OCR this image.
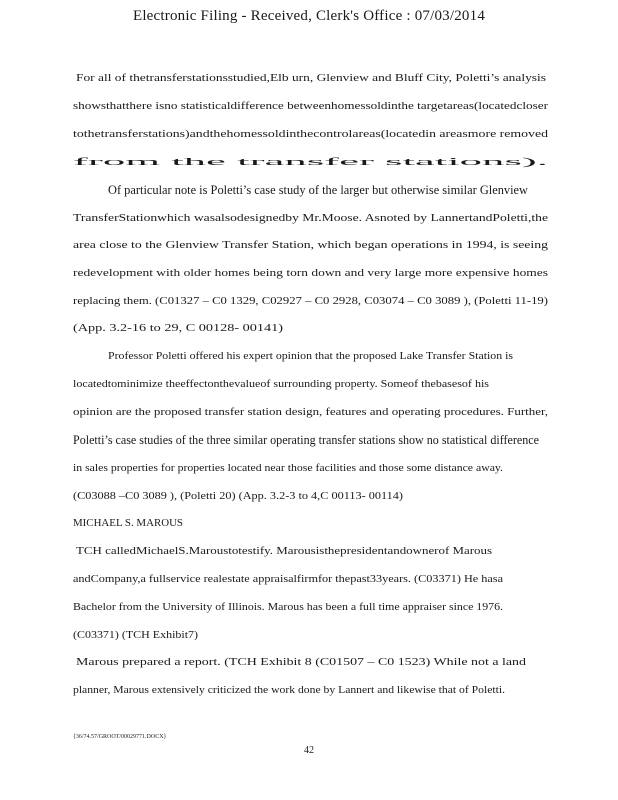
Electronic Filing - Received, Clerk's Office : 07/03/2014
For all of thetransferstationsstudied,Elb urn, Glenview and Bluff City, Poletti’s analysis
showsthatthere isno statisticaldifference betweenhomessoldinthe targetareas(locatedcloser
tothetransferstations)andthehomessoldinthecontrolareas(locatedin areasmore removed
from the transfer stations).
Of particular note is Poletti’s case study of the larger but otherwise similar Glenview
TransferStationwhich wasalsodesignedby Mr.Moose. Asnoted by LannertandPoletti,the
area close to the Glenview Transfer Station, which began operations in 1994, is seeing
redevelopment with older homes being torn down and very large more expensive homes
replacing them. (C01327 – C0 1329, C02927 – C0 2928, C03074 – C0 3089 ), (Poletti 11-19)
(App. 3.2-16 to 29, C 00128- 00141)
Professor Poletti offered his expert opinion that the proposed Lake Transfer Station is
locatedtominimize theeffectonthevalueof surrounding property. Someof thebasesof his
opinion are the proposed transfer station design, features and operating procedures. Further,
Poletti’s case studies of the three similar operating transfer stations show no statistical difference
in sales properties for properties located near those facilities and those some distance away.
(C03088 –C0 3089 ), (Poletti 20) (App. 3.2-3 to 4,C 00113- 00114)
MICHAEL S. MAROUS
TCH calledMichaelS.Maroustotestify. Marousisthepresidentandownerof Marous
andCompany,a fullservice realestate appraisalfirmfor thepast33years. (C03371) He hasa
Bachelor from the University of Illinois. Marous has been a full time appraiser since 1976.
(C03371) (TCH Exhibit7)
Marous prepared a report. (TCH Exhibit 8 (C01507 – C0 1523) While not a land
planner, Marous extensively criticized the work done by Lannert and likewise that of Poletti.
{36/74.57/GROOT/00029771.DOCX}
42
